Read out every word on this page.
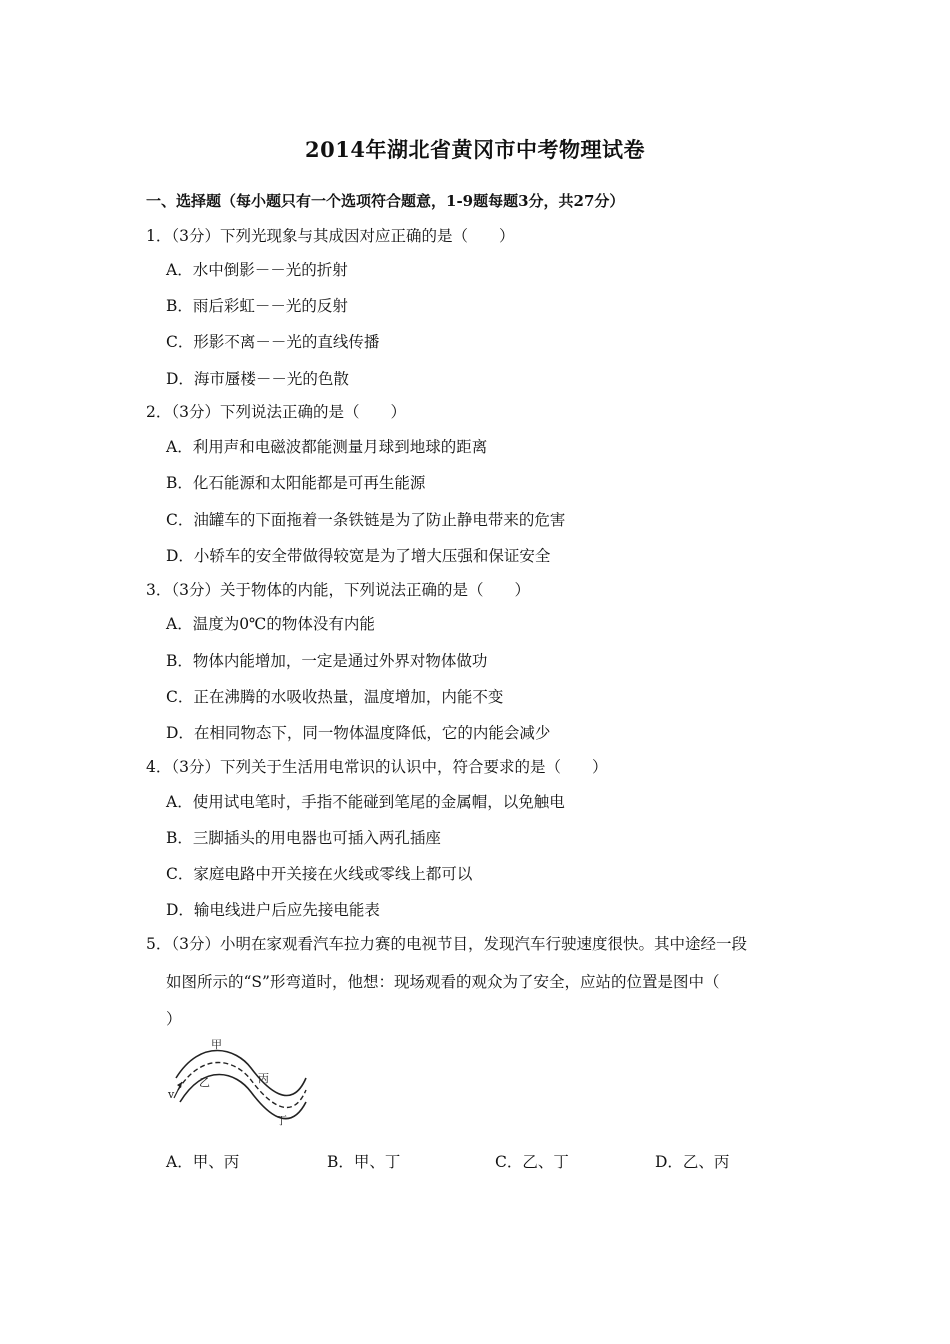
2014年湖北省黄冈市中考物理试卷
一、选择题（每小题只有一个选项符合题意，1-9题每题3分，共27分）
1．（3分）下列光现象与其成因对应正确的是（　　）
A．水中倒影－－光的折射
B．雨后彩虹－－光的反射
C．形影不离－－光的直线传播
D．海市蜃楼－－光的色散
2．（3分）下列说法正确的是（　　）
A．利用声和电磁波都能测量月球到地球的距离
B．化石能源和太阳能都是可再生能源
C．油罐车的下面拖着一条铁链是为了防止静电带来的危害
D．小轿车的安全带做得较宽是为了增大压强和保证安全
3．（3分）关于物体的内能，下列说法正确的是（　　）
A．温度为0℃的物体没有内能
B．物体内能增加，一定是通过外界对物体做功
C．正在沸腾的水吸收热量，温度增加，内能不变
D．在相同物态下，同一物体温度降低，它的内能会减少
4．（3分）下列关于生活用电常识的认识中，符合要求的是（　　）
A．使用试电笔时，手指不能碰到笔尾的金属帽，以免触电
B．三脚插头的用电器也可插入两孔插座
C．家庭电路中开关接在火线或零线上都可以
D．输电线进户后应先接电能表
5．（3分）小明在家观看汽车拉力赛的电视节目，发现汽车行驶速度很快。其中途经一段
如图所示的“S”形弯道时，他想：现场观看的观众为了安全，应站的位置是图中（
）
甲
乙	丙
丁
v
A．甲、丙	B．甲、丁	C．乙、丁	D．乙、丙
